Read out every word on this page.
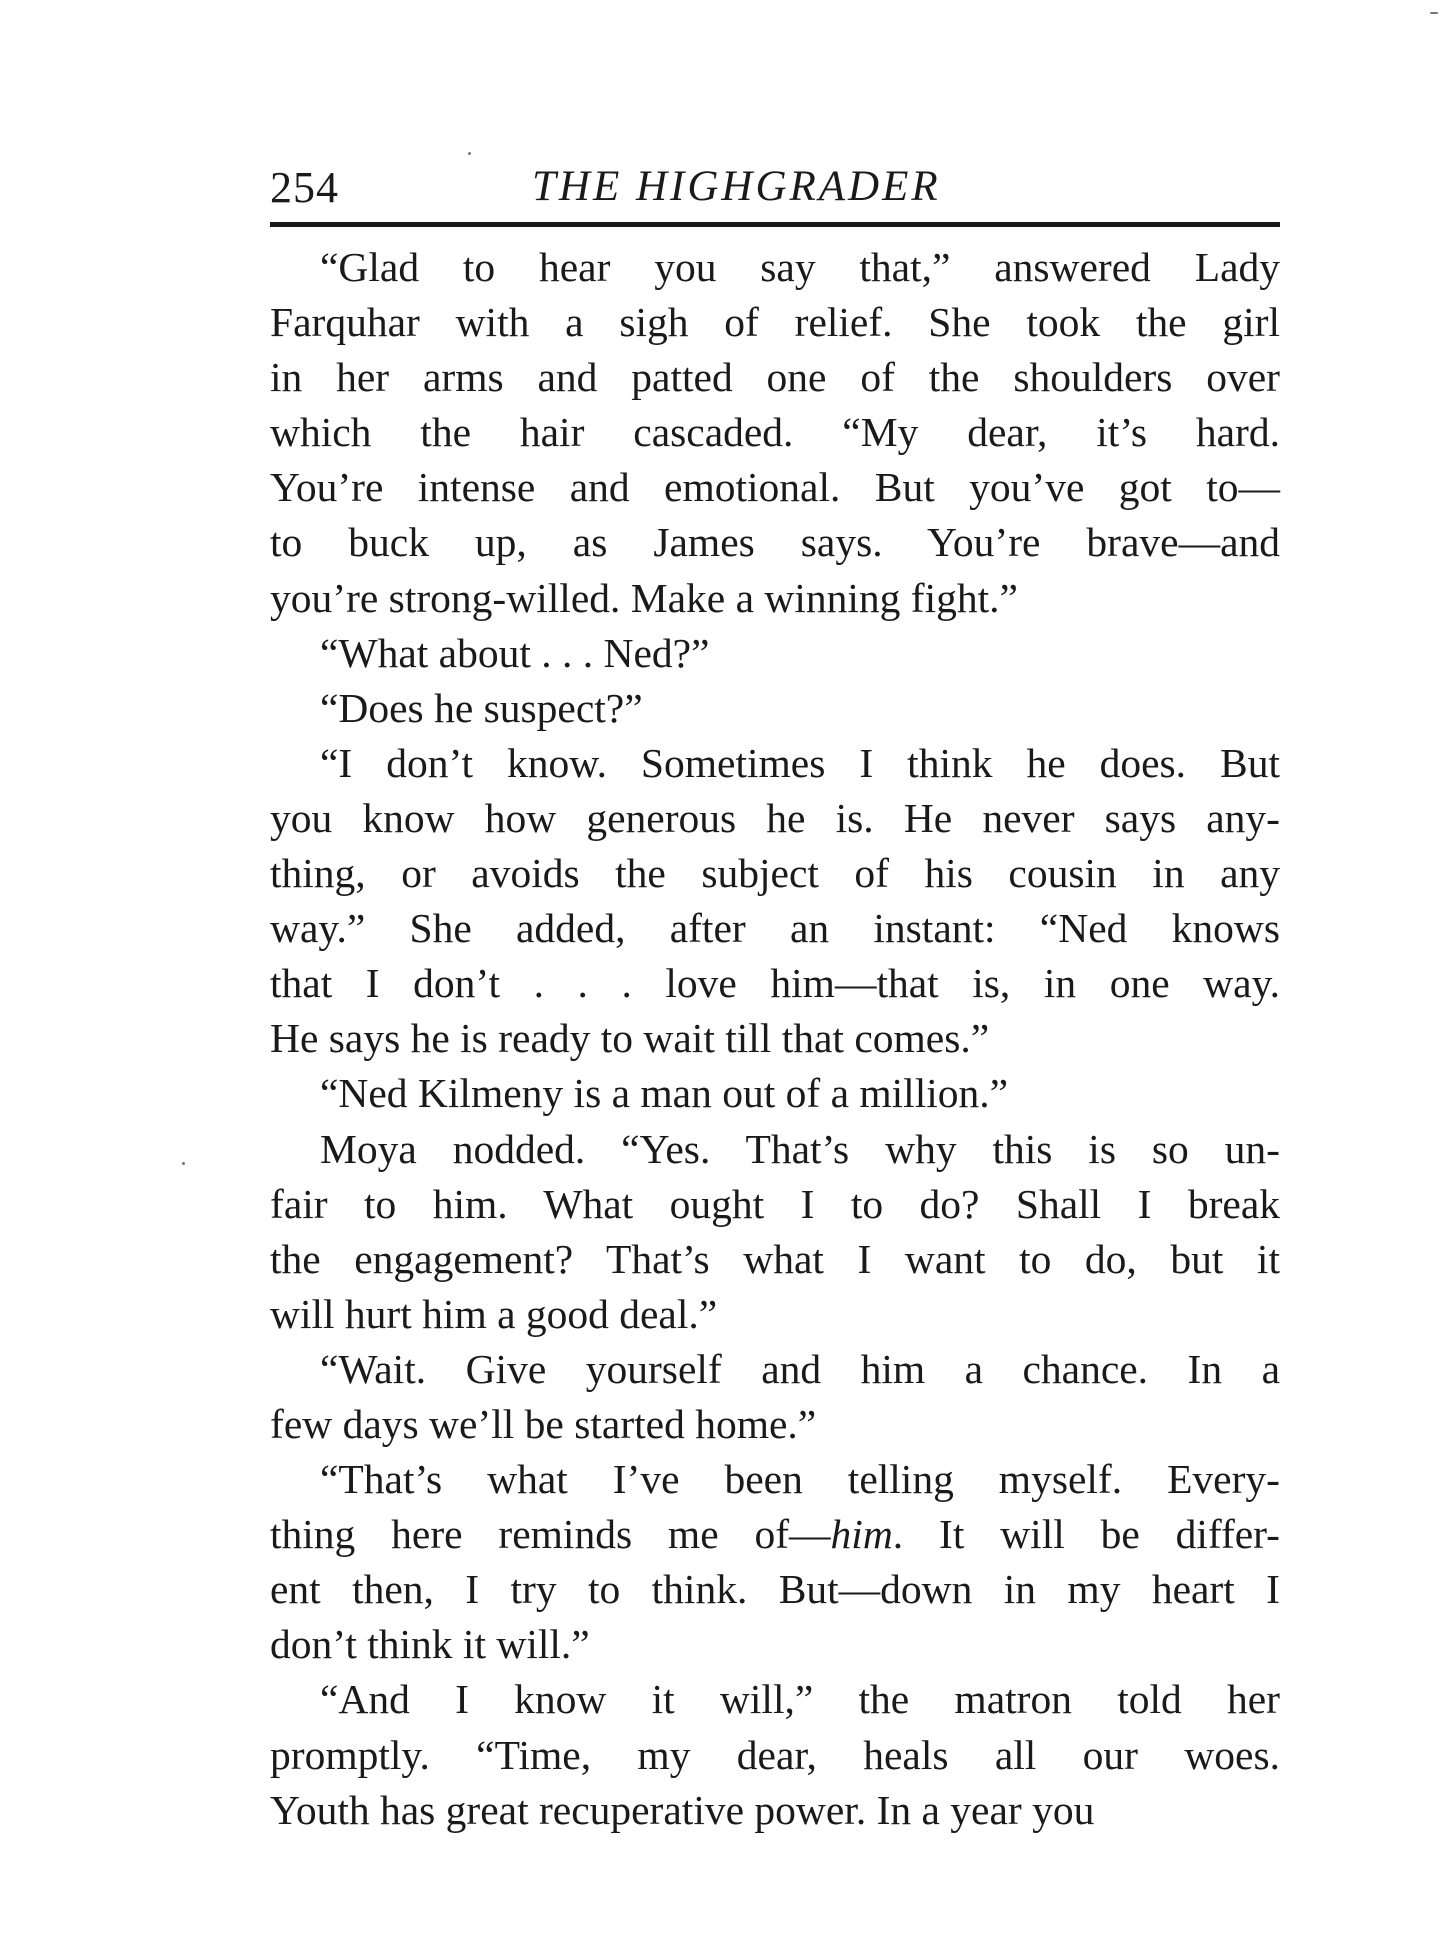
254	THE HIGHGRADER
“Glad to hear you say that,” answered Lady
Farquhar with a sigh of relief. She took the girl
in her arms and patted one of the shoulders over
which the hair cascaded. “My dear, it’s hard.
You’re intense and emotional. But you’ve got to—
to buck up, as James says. You’re brave—and
you’re strong-willed. Make a winning fight.”
“What about . . . Ned?”
“Does he suspect?”
“I don’t know. Sometimes I think he does. But
you know how generous he is. He never says any-
thing, or avoids the subject of his cousin in any
way.” She added, after an instant: “Ned knows
that I don’t . . . love him—that is, in one way.
He says he is ready to wait till that comes.”
“Ned Kilmeny is a man out of a million.”
Moya nodded. “Yes. That’s why this is so un-
fair to him. What ought I to do? Shall I break
the engagement? That’s what I want to do, but it
will hurt him a good deal.”
“Wait. Give yourself and him a chance. In a
few days we’ll be started home.”
“That’s what I’ve been telling myself. Every-
thing here reminds me of—him. It will be differ-
ent then, I try to think. But—down in my heart I
don’t think it will.”
“And I know it will,” the matron told her
promptly. “Time, my dear, heals all our woes.
Youth has great recuperative power. In a year you
